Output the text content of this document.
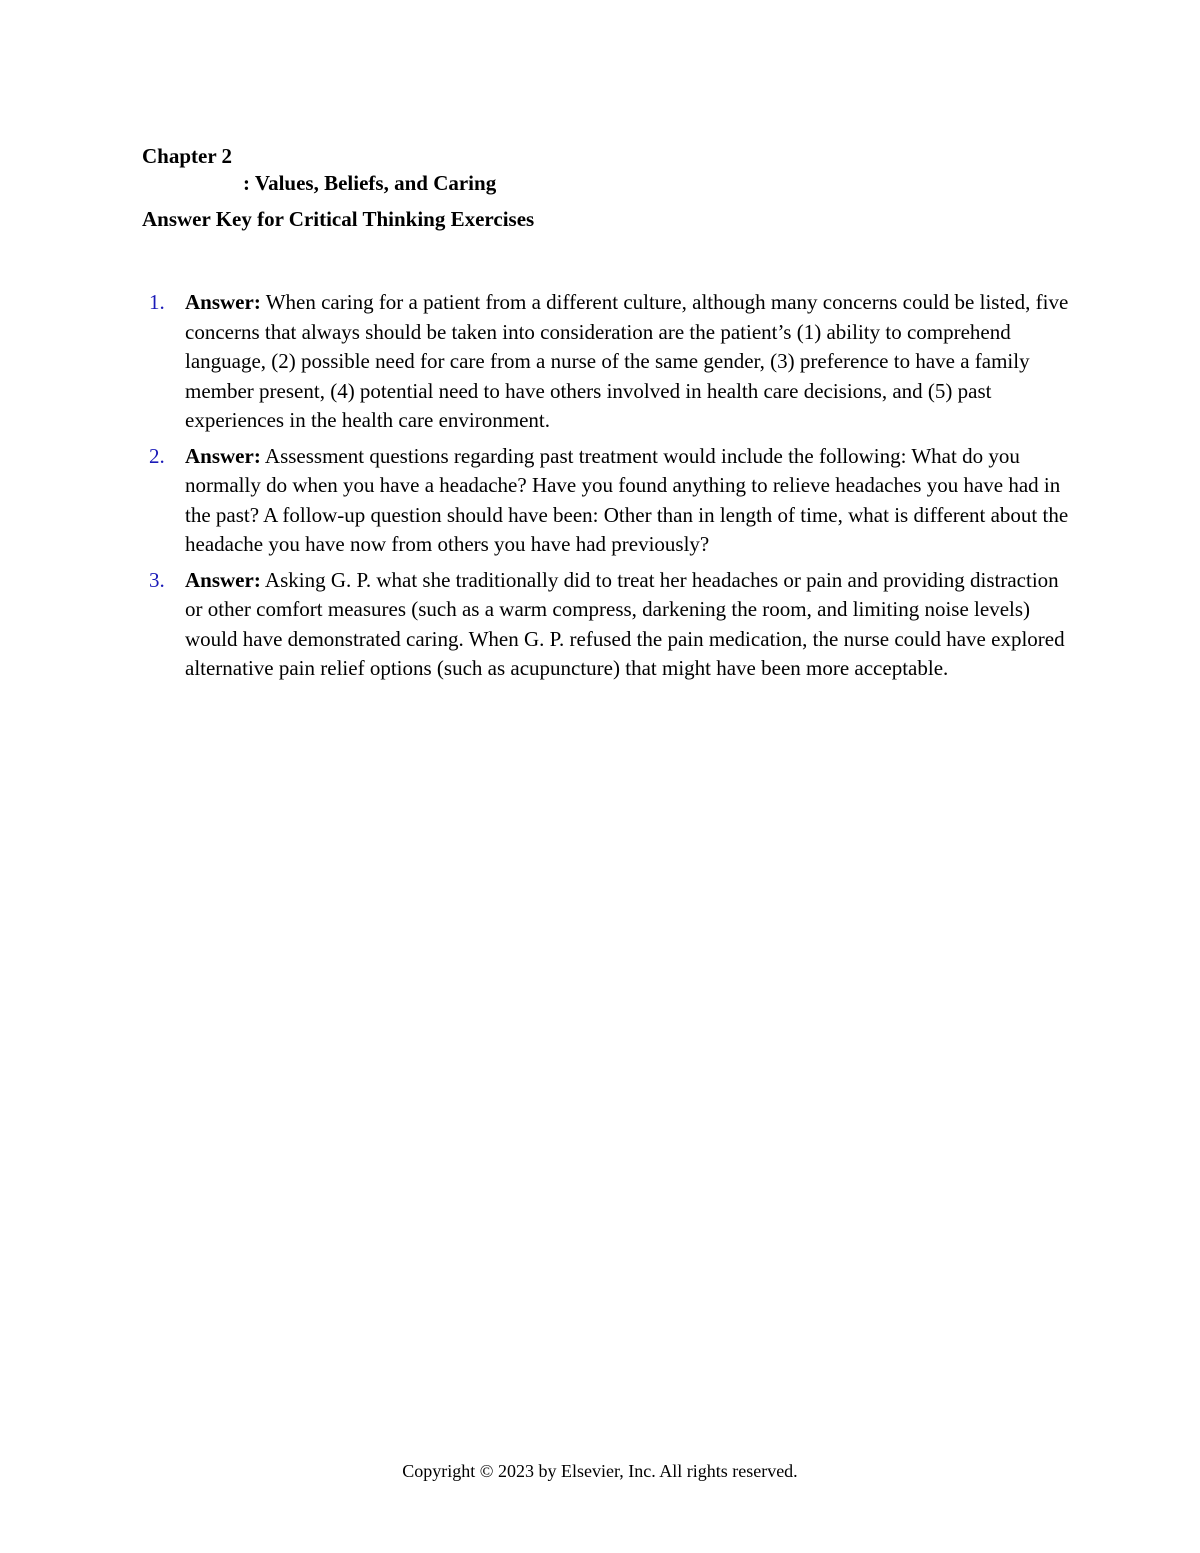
Chapter 2
: Values, Beliefs, and Caring
Answer Key for Critical Thinking Exercises
1. Answer: When caring for a patient from a different culture, although many concerns could be listed, five concerns that always should be taken into consideration are the patient’s (1) ability to comprehend language, (2) possible need for care from a nurse of the same gender, (3) preference to have a family member present, (4) potential need to have others involved in health care decisions, and (5) past experiences in the health care environment.
2. Answer: Assessment questions regarding past treatment would include the following: What do you normally do when you have a headache? Have you found anything to relieve headaches you have had in the past? A follow-up question should have been: Other than in length of time, what is different about the headache you have now from others you have had previously?
3. Answer: Asking G. P. what she traditionally did to treat her headaches or pain and providing distraction or other comfort measures (such as a warm compress, darkening the room, and limiting noise levels) would have demonstrated caring. When G. P. refused the pain medication, the nurse could have explored alternative pain relief options (such as acupuncture) that might have been more acceptable.
Copyright © 2023 by Elsevier, Inc. All rights reserved.
